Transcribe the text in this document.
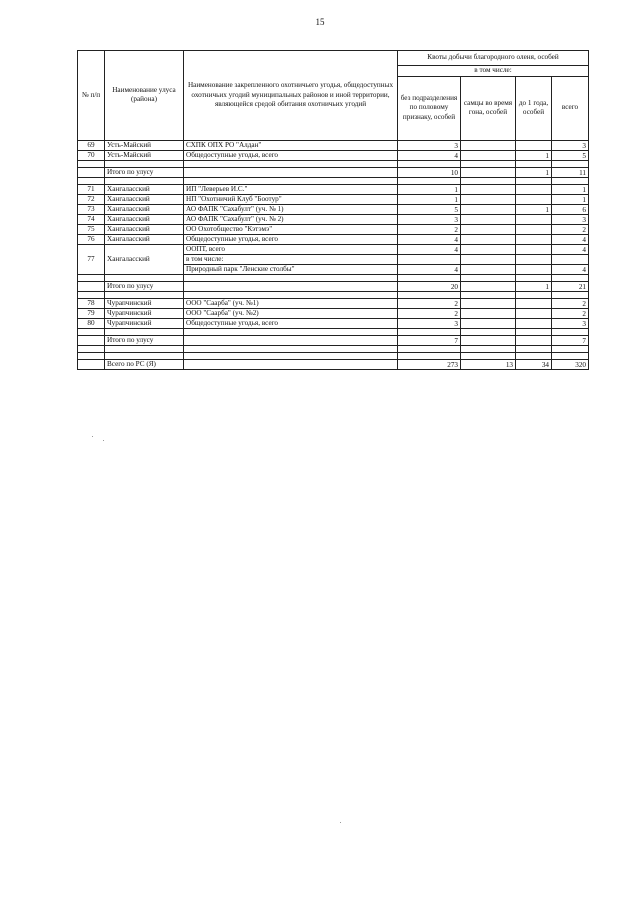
15
№ п/п	Наименование улуса (района)	Наименование закрепленного охотничьего угодья, общедоступных охотничьих угодий муниципальных районов и иной территории, являющейся средой обитания охотничьих угодий	Квоты добычи благородного оленя, особей			
			в том числе:			
			без подразделения по половому признаку, особей	самцы во время гона, особей	до 1 года, особей	всего
69	Усть-Майский	СХПК ОПХ РО "Алдан"	3			3
70	Усть-Майский	Общедоступные угодья, всего	4		1	5

	Итого по улусу		10		1	11

71	Хангаласский	ИП "Леверьев И.С."	1			1
72	Хангаласский	НП "Охотничий Клуб "Боотур"	1			1
73	Хангаласский	АО ФАПК "Сахабулт" (уч. № 1)	5		1	6
74	Хангаласский	АО ФАПК "Сахабулт" (уч. № 2)	3			3
75	Хангаласский	ОО Охотобщество "Кэтэмэ"	2			2
76	Хангаласский	Общедоступные угодья, всего	4			4
77	Хангаласский	ООПТ, всего	4			4
		в том числе:				
		Природный парк "Ленские столбы"	4			4

	Итого по улусу		20		1	21

78	Чурапчинский	ООО "Саарба" (уч. №1)	2			2
79	Чурапчинский	ООО "Саарба" (уч. №2)	2			2
80	Чурапчинский	Общедоступные угодья, всего	3			3

	Итого по улусу		7			7

	Всего по РС (Я)		273	13	34	320
